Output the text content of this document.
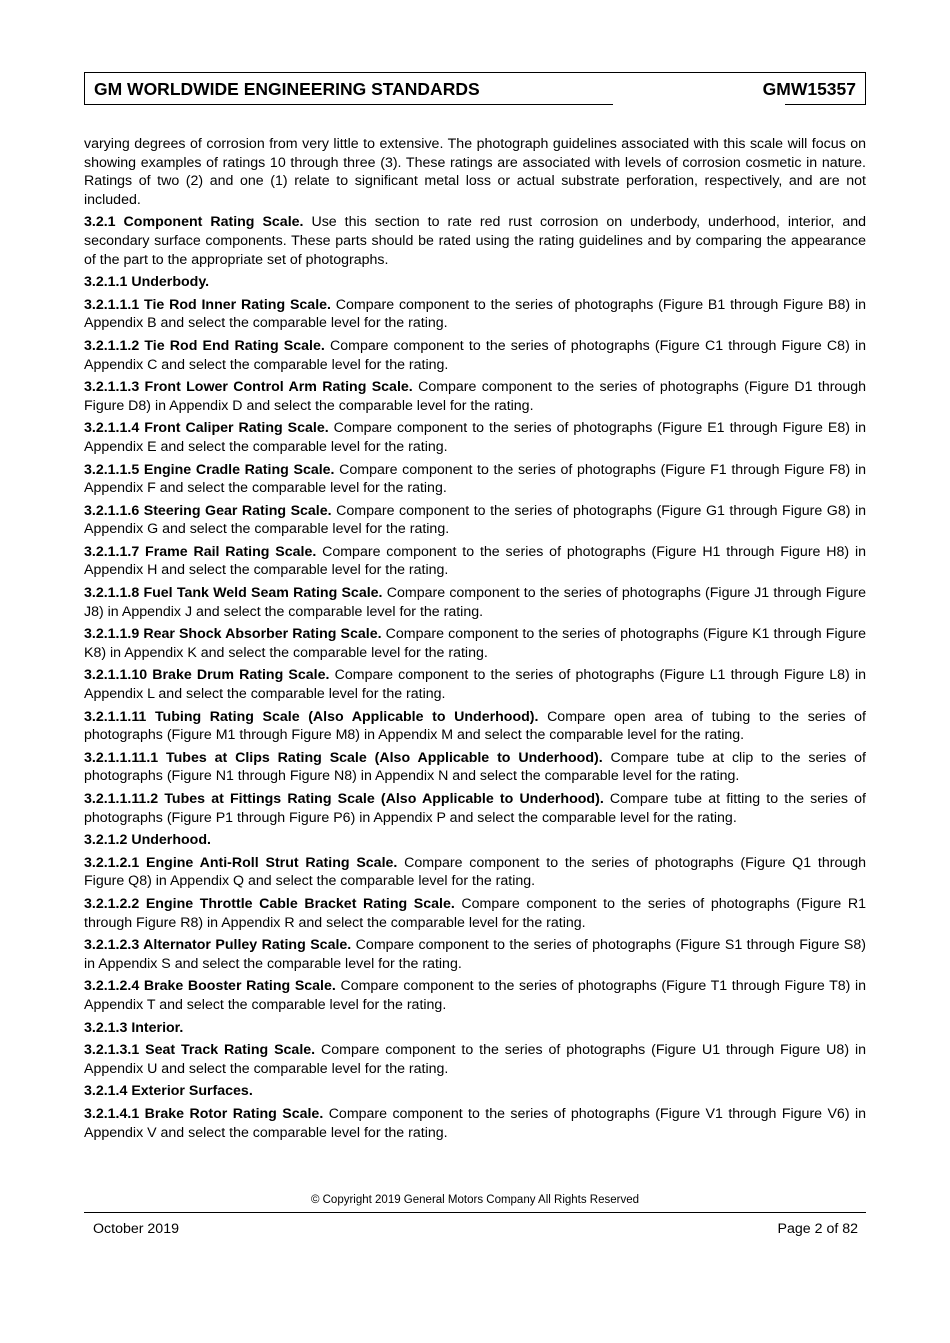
GM WORLDWIDE ENGINEERING STANDARDS	GMW15357
varying degrees of corrosion from very little to extensive. The photograph guidelines associated with this scale will focus on showing examples of ratings 10 through three (3). These ratings are associated with levels of corrosion cosmetic in nature. Ratings of two (2) and one (1) relate to significant metal loss or actual substrate perforation, respectively, and are not included.
3.2.1 Component Rating Scale. Use this section to rate red rust corrosion on underbody, underhood, interior, and secondary surface components. These parts should be rated using the rating guidelines and by comparing the appearance of the part to the appropriate set of photographs.
3.2.1.1 Underbody.
3.2.1.1.1 Tie Rod Inner Rating Scale. Compare component to the series of photographs (Figure B1 through Figure B8) in Appendix B and select the comparable level for the rating.
3.2.1.1.2 Tie Rod End Rating Scale. Compare component to the series of photographs (Figure C1 through Figure C8) in Appendix C and select the comparable level for the rating.
3.2.1.1.3 Front Lower Control Arm Rating Scale. Compare component to the series of photographs (Figure D1 through Figure D8) in Appendix D and select the comparable level for the rating.
3.2.1.1.4 Front Caliper Rating Scale. Compare component to the series of photographs (Figure E1 through Figure E8) in Appendix E and select the comparable level for the rating.
3.2.1.1.5 Engine Cradle Rating Scale. Compare component to the series of photographs (Figure F1 through Figure F8) in Appendix F and select the comparable level for the rating.
3.2.1.1.6 Steering Gear Rating Scale. Compare component to the series of photographs (Figure G1 through Figure G8) in Appendix G and select the comparable level for the rating.
3.2.1.1.7 Frame Rail Rating Scale. Compare component to the series of photographs (Figure H1 through Figure H8) in Appendix H and select the comparable level for the rating.
3.2.1.1.8 Fuel Tank Weld Seam Rating Scale. Compare component to the series of photographs (Figure J1 through Figure J8) in Appendix J and select the comparable level for the rating.
3.2.1.1.9 Rear Shock Absorber Rating Scale. Compare component to the series of photographs (Figure K1 through Figure K8) in Appendix K and select the comparable level for the rating.
3.2.1.1.10 Brake Drum Rating Scale. Compare component to the series of photographs (Figure L1 through Figure L8) in Appendix L and select the comparable level for the rating.
3.2.1.1.11 Tubing Rating Scale (Also Applicable to Underhood). Compare open area of tubing to the series of photographs (Figure M1 through Figure M8) in Appendix M and select the comparable level for the rating.
3.2.1.1.11.1 Tubes at Clips Rating Scale (Also Applicable to Underhood). Compare tube at clip to the series of photographs (Figure N1 through Figure N8) in Appendix N and select the comparable level for the rating.
3.2.1.1.11.2 Tubes at Fittings Rating Scale (Also Applicable to Underhood). Compare tube at fitting to the series of photographs (Figure P1 through Figure P6) in Appendix P and select the comparable level for the rating.
3.2.1.2 Underhood.
3.2.1.2.1 Engine Anti-Roll Strut Rating Scale. Compare component to the series of photographs (Figure Q1 through Figure Q8) in Appendix Q and select the comparable level for the rating.
3.2.1.2.2 Engine Throttle Cable Bracket Rating Scale. Compare component to the series of photographs (Figure R1 through Figure R8) in Appendix R and select the comparable level for the rating.
3.2.1.2.3 Alternator Pulley Rating Scale. Compare component to the series of photographs (Figure S1 through Figure S8) in Appendix S and select the comparable level for the rating.
3.2.1.2.4 Brake Booster Rating Scale. Compare component to the series of photographs (Figure T1 through Figure T8) in Appendix T and select the comparable level for the rating.
3.2.1.3 Interior.
3.2.1.3.1 Seat Track Rating Scale. Compare component to the series of photographs (Figure U1 through Figure U8) in Appendix U and select the comparable level for the rating.
3.2.1.4 Exterior Surfaces.
3.2.1.4.1 Brake Rotor Rating Scale. Compare component to the series of photographs (Figure V1 through Figure V6) in Appendix V and select the comparable level for the rating.
© Copyright 2019 General Motors Company All Rights Reserved
October 2019	Page 2 of 82
